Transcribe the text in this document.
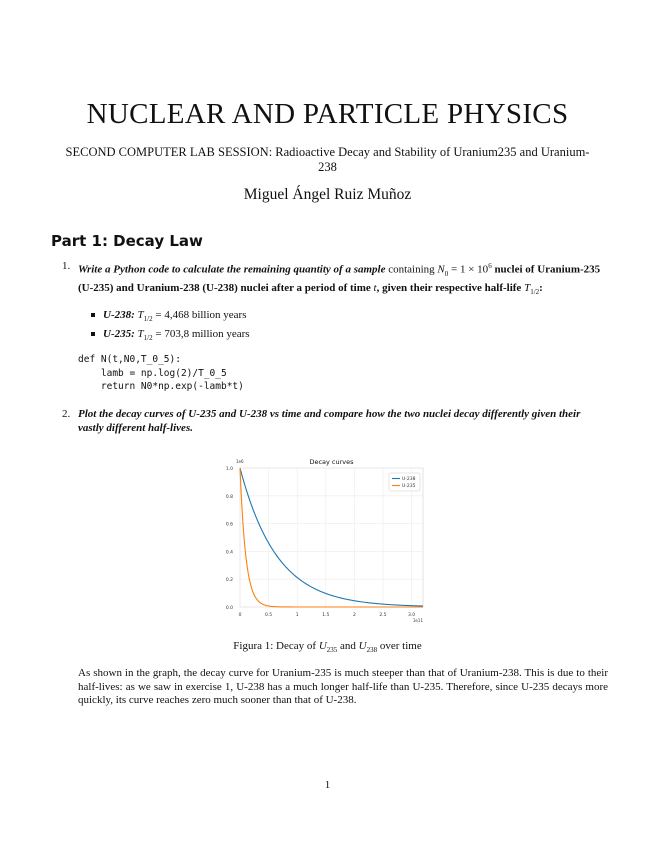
NUCLEAR AND PARTICLE PHYSICS
SECOND COMPUTER LAB SESSION: Radioactive Decay and Stability of Uranium235 and Uranium-238
Miguel Ángel Ruiz Muñoz
Part 1: Decay Law
1. Write a Python code to calculate the remaining quantity of a sample containing $N_0 = 1 \times 10^6$ nuclei of Uranium-235 (U-235) and Uranium-238 (U-238) nuclei after a period of time t, given their respective half-life $T_{1/2}$:
U-238: $T_{1/2} = 4,468$ billion years
U-235: $T_{1/2} = 703,8$ million years
def N(t,N0,T_0_5):
lamb = np.log(2)/T_0_5
return N0*np.exp(-lamb*t)
2. Plot the decay curves of U-235 and U-238 vs time and compare how the two nuclei decay differently given their vastly different half-lives.
0.0
0.2
0.4
0.6
0.8
1.0
0	0.5	1	1.5	2	2.5	3.0
Decay curves
1e6
1e11
U-238
U-235
Figura 1: Decay of $U_{235}$ and $U_{238}$ over time
As shown in the graph, the decay curve for Uranium-235 is much steeper than that of Uranium-238. This is due to their half-lives: as we saw in exercise 1, U-238 has a much longer half-life than U-235. Therefore, since U-235 decays more quickly, its curve reaches zero much sooner than that of U-238.
1
